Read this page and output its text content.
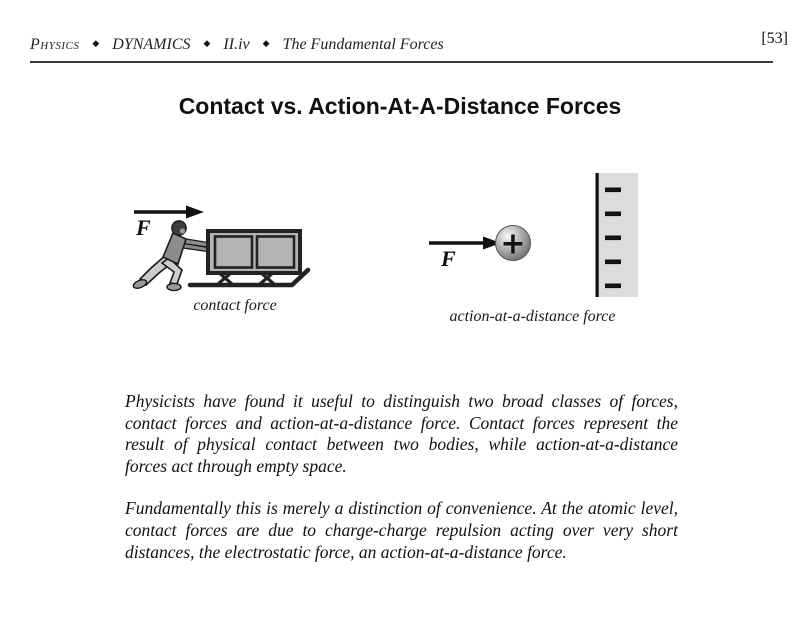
Physics ◆ DYNAMICS ◆ II.iv ◆ The Fundamental Forces	[53]
Contact vs. Action-At-A-Distance Forces
F
contact force
F +
action-at-a-distance force

Physicists have found it useful to distinguish two broad classes of forces, contact forces and action-at-a-distance force. Contact forces represent the result of physical contact between two bodies, while action-at-a-distance forces act through empty space.

Fundamentally this is merely a distinction of convenience. At the atomic level, contact forces are due to charge-charge repulsion acting over very short distances, the electrostatic force, an action-at-a-distance force.
